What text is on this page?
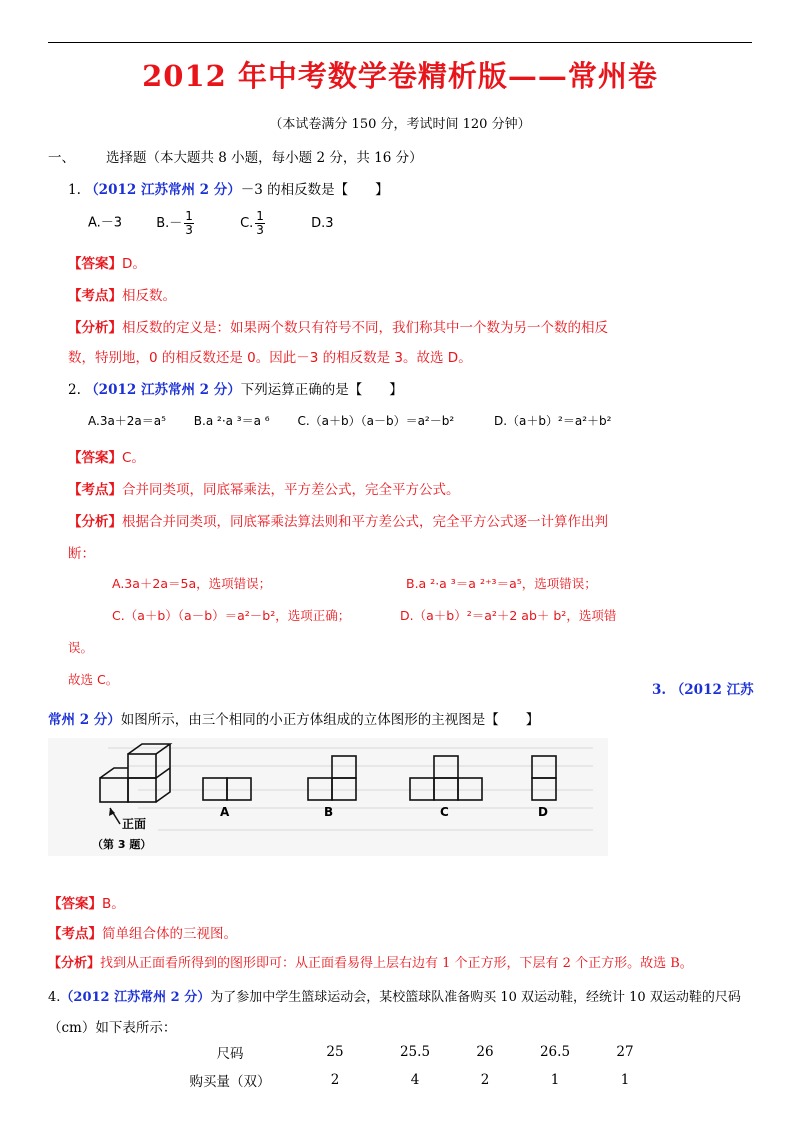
2012 年中考数学卷精析版——常州卷
（本试卷满分 150 分，考试时间 120 分钟）
一、 选择题（本大题共 8 小题，每小题 2 分，共 16 分）
1. （2012 江苏常州 2 分）－3 的相反数是【　　】
A.－3	$B.- \frac{1}{3}$	C. $\frac{1}{3}$	D.3
【答案】D。
【考点】相反数。
【分析】相反数的定义是：如果两个数只有符号不同，我们称其中一个数为另一个数的相反
数，特别地，0 的相反数还是 0。因此－3 的相反数是 3。故选 D。
2. （2012 江苏常州 2 分）下列运算正确的是【　　】
A.3a＋2a＝a⁵ B.a ²·a ³＝a ⁶ C.（a＋b）（a－b）＝a²－b²	D.（a＋b）²＝a²＋b²
【答案】C。
【考点】合并同类项，同底幂乘法，平方差公式，完全平方公式。
【分析】根据合并同类项，同底幂乘法算法则和平方差公式，完全平方公式逐一计算作出判
断：
A.3a＋2a＝5a，选项错误；	B.a ²·a ³＝a ²⁺³＝a⁵，选项错误；
C.（a＋b）（a－b）＝a²－b²，选项正确；	D.（a＋b）²＝a²＋2 ab＋ b²，选项错
误。
故选 C。
3. （2012 江苏
常州 2 分）如图所示，由三个相同的小正方体组成的立体图形的主视图是【　　】
正面
（第 3 题）
A	B	C	D
【答案】B。
【考点】简单组合体的三视图。
【分析】找到从正面看所得到的图形即可：从正面看易得上层右边有 1 个正方形，下层有 2 个正方形。故选 B。
4.（2012 江苏常州 2 分）为了参加中学生篮球运动会，某校篮球队准备购买 10 双运动鞋，经统计 10 双运动鞋的尺码
（cm）如下表所示：
尺码	25	25.5	26	26.5	27
购买量（双）	2	4	2	1	1
